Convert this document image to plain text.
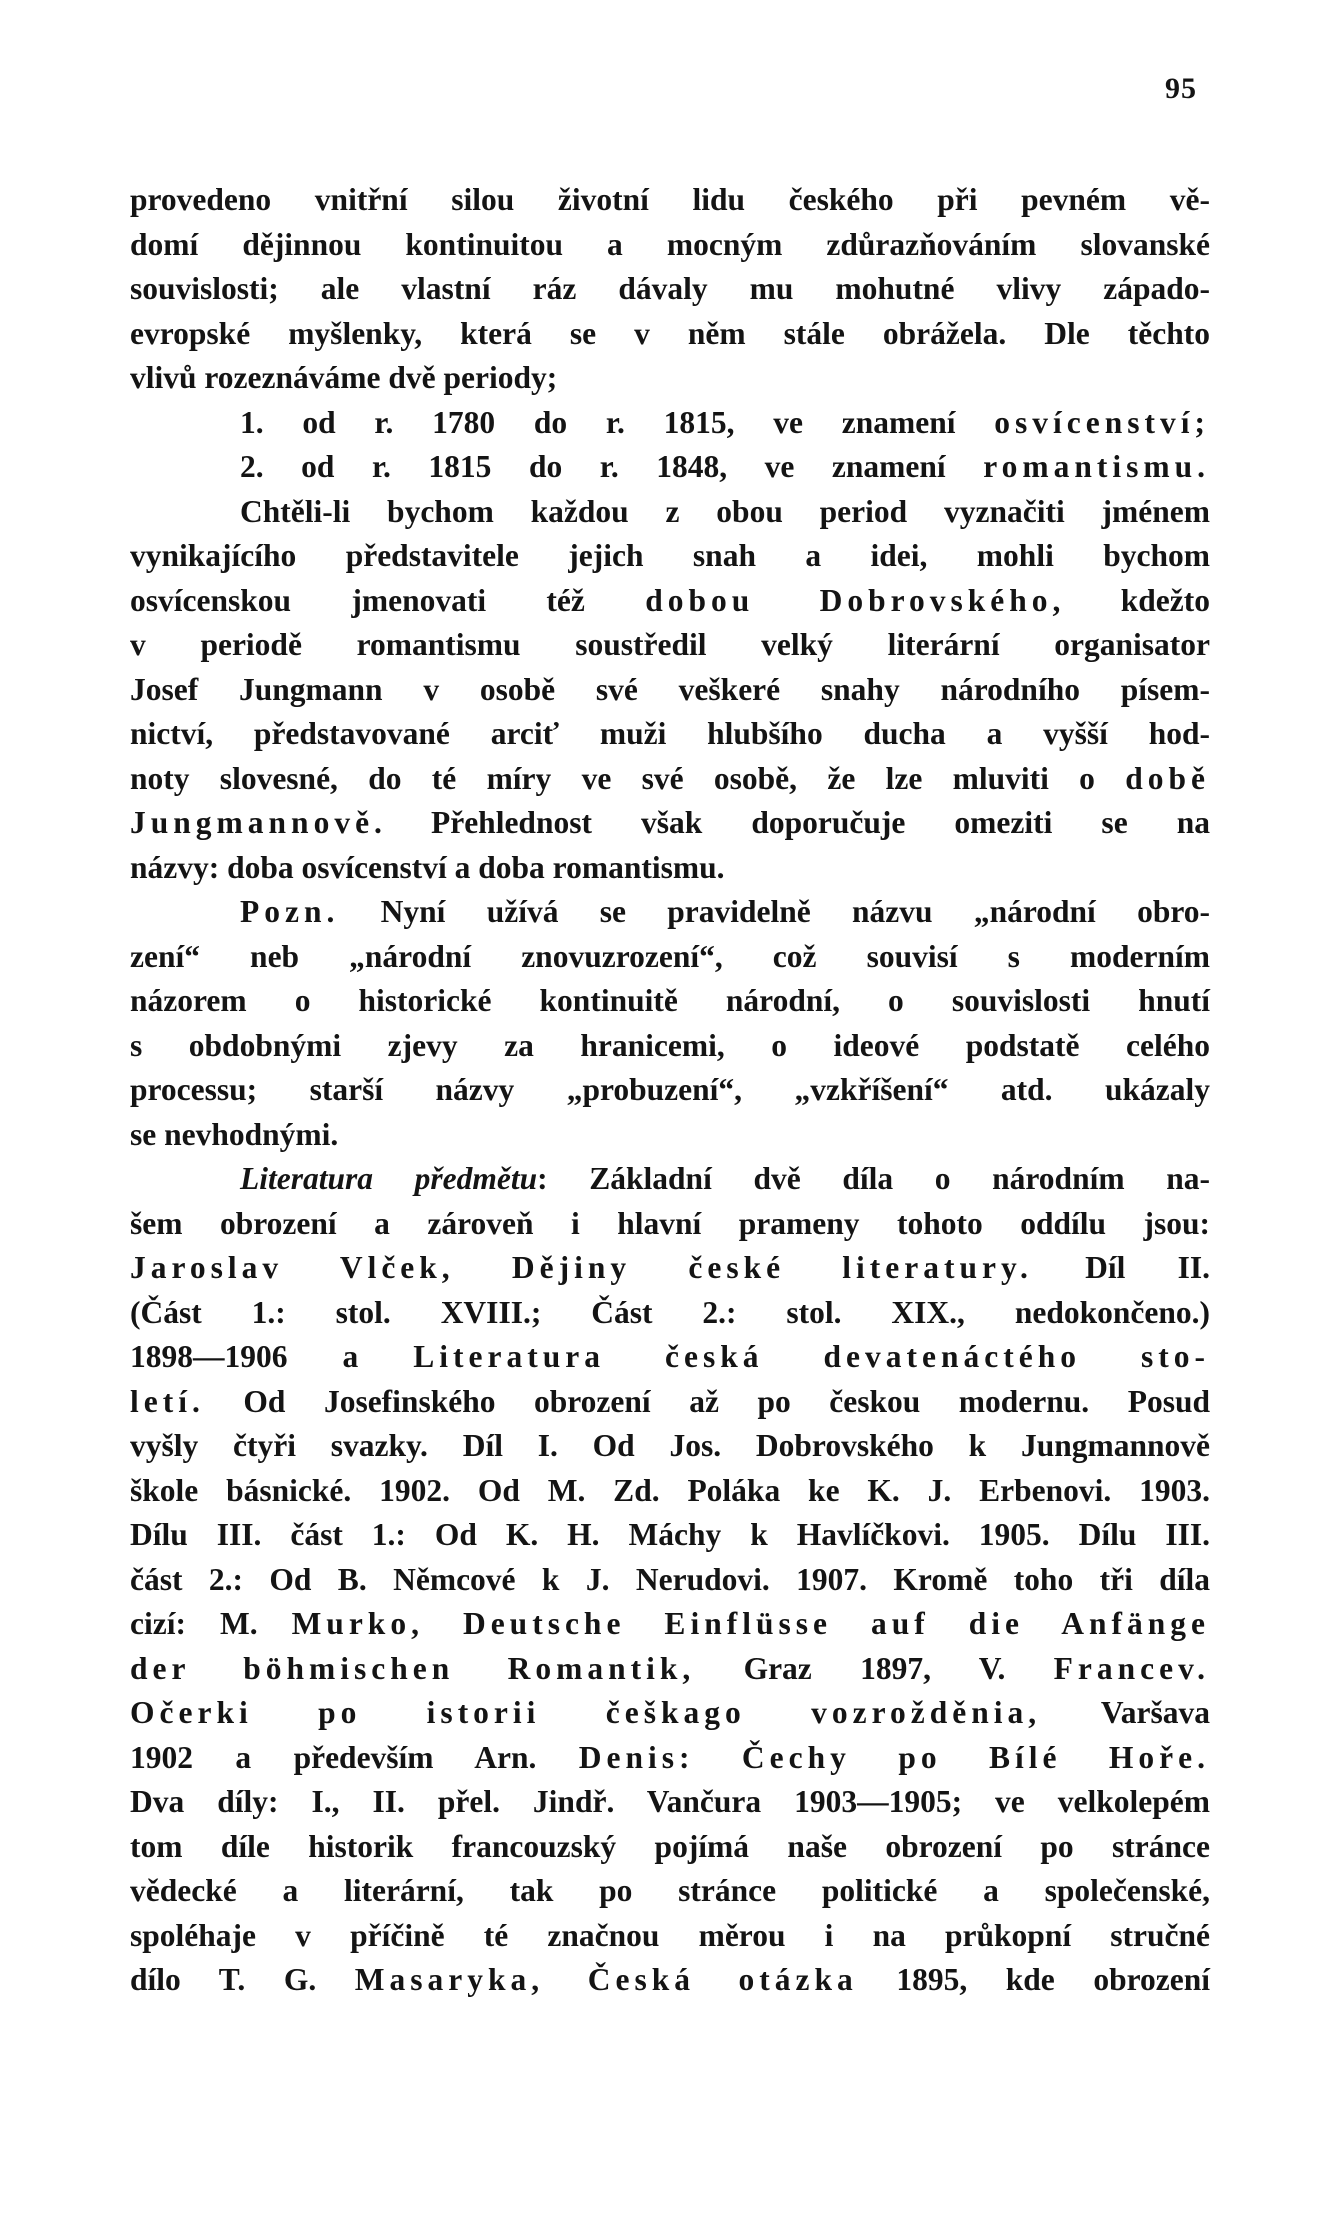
95
provedeno vnitřní silou životní lidu českého při pevném vě-
domí dějinnou kontinuitou a mocným zdůrazňováním slovanské
souvislosti; ale vlastní ráz dávaly mu mohutné vlivy západo-
evropské myšlenky, která se v něm stále obrážela. Dle těchto
vlivů rozeznáváme dvě periody;
1. od r. 1780 do r. 1815, ve znamení osvícenství;
2. od r. 1815 do r. 1848, ve znamení romantismu.
Chtěli-li bychom každou z obou period vyznačiti jménem
vynikajícího představitele jejich snah a idei, mohli bychom
osvícenskou jmenovati též dobou Dobrovského, kdežto
v periodě romantismu soustředil velký literární organisator
Josef Jungmann v osobě své veškeré snahy národního písem-
nictví, představované arciť muži hlubšího ducha a vyšší hod-
noty slovesné, do té míry ve své osobě, že lze mluviti o době
Jungmannově. Přehlednost však doporučuje omeziti se na
názvy: doba osvícenství a doba romantismu.
Pozn. Nyní užívá se pravidelně názvu „národní obro-
zení“ neb „národní znovuzrození“, což souvisí s moderním
názorem o historické kontinuitě národní, o souvislosti hnutí
s obdobnými zjevy za hranicemi, o ideové podstatě celého
processu; starší názvy „probuzení“, „vzkříšení“ atd. ukázaly
se nevhodnými.
Literatura předmětu: Základní dvě díla o národním na-
šem obrození a zároveň i hlavní prameny tohoto oddílu jsou:
Jaroslav Vlček, Dějiny české literatury. Díl II.
(Část 1.: stol. XVIII.; Část 2.: stol. XIX., nedokončeno.)
1898—1906 a Literatura česká devatenáctého sto-
letí. Od Josefinského obrození až po českou modernu. Posud
vyšly čtyři svazky. Díl I. Od Jos. Dobrovského k Jungmannově
škole básnické. 1902. Od M. Zd. Poláka ke K. J. Erbenovi. 1903.
Dílu III. část 1.: Od K. H. Máchy k Havlíčkovi. 1905. Dílu III.
část 2.: Od B. Němcové k J. Nerudovi. 1907. Kromě toho tři díla
cizí: M. Murko, Deutsche Einflüsse auf die Anfänge
der böhmischen Romantik, Graz 1897, V. Francev.
Očerki po istorii češkago vozrožděnia, Varšava
1902 a především Arn. Denis: Čechy po Bílé Hoře.
Dva díly: I., II. přel. Jindř. Vančura 1903—1905; ve velkolepém
tom díle historik francouzský pojímá naše obrození po stránce
vědecké a literární, tak po stránce politické a společenské,
spoléhaje v příčině té značnou měrou i na průkopní stručné
dílo T. G. Masaryka, Česká otázka 1895, kde obrození
